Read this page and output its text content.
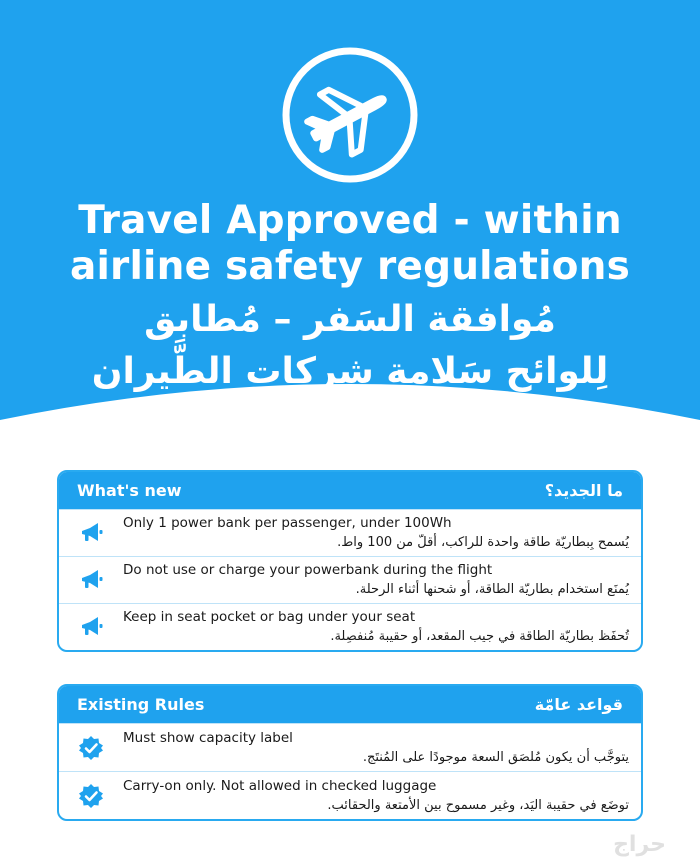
Travel Approved - within
airline safety regulations
مُوافقة السَفر – مُطابق
لِلوائح سَلامة شركات الطَّيران
What's new	ما الجديد؟
Only 1 power bank per passenger, under 100Wh
يُسمح بِبطاريّة طاقة واحدة للراكب، أقلّ من 100 واط.
Do not use or charge your powerbank during the flight
يُمنَع استخدام بطاريّة الطاقة، أو شحنها أثناء الرحلة.
Keep in seat pocket or bag under your seat
تُحفَظ بطاريّة الطاقة في جيب المقعد، أو حقيبة مُنفصِلة.
Existing Rules	قواعد عامّة
Must show capacity label
يتوجَّب أن يكون مُلصَق السعة موجودًا على المُنتَج.
Carry-on only. Not allowed in checked luggage
توضَع في حقيبة اليَد، وغير مسموح بين الأمتعة والحقائب.
حراج
